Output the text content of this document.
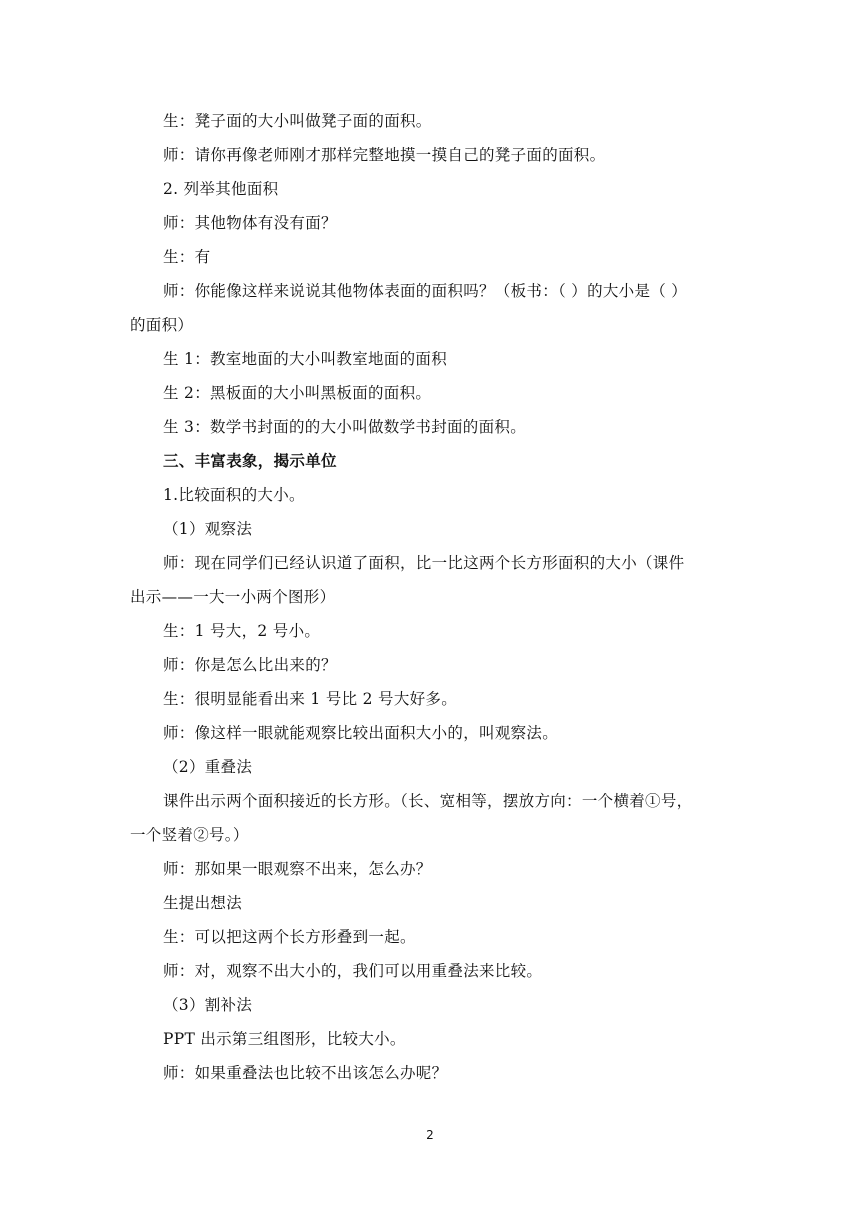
生：凳子面的大小叫做凳子面的面积。
师：请你再像老师刚才那样完整地摸一摸自己的凳子面的面积。
2. 列举其他面积
师：其他物体有没有面？
生：有
师：你能像这样来说说其他物体表面的面积吗？（板书：（ ）的大小是（ ）
的面积）
生 1：教室地面的大小叫教室地面的面积
生 2：黑板面的大小叫黑板面的面积。
生 3：数学书封面的的大小叫做数学书封面的面积。
三、丰富表象，揭示单位
1.比较面积的大小。
（1）观察法
师：现在同学们已经认识道了面积，比一比这两个长方形面积的大小（课件
出示——一大一小两个图形）
生：1 号大，2 号小。
师：你是怎么比出来的？
生：很明显能看出来 1 号比 2 号大好多。
师：像这样一眼就能观察比较出面积大小的，叫观察法。
（2）重叠法
课件出示两个面积接近的长方形。（长、宽相等，摆放方向：一个横着①号，
一个竖着②号。）
师：那如果一眼观察不出来，怎么办？
生提出想法
生：可以把这两个长方形叠到一起。
师：对，观察不出大小的，我们可以用重叠法来比较。
（3）割补法
PPT 出示第三组图形，比较大小。
师：如果重叠法也比较不出该怎么办呢？
2
